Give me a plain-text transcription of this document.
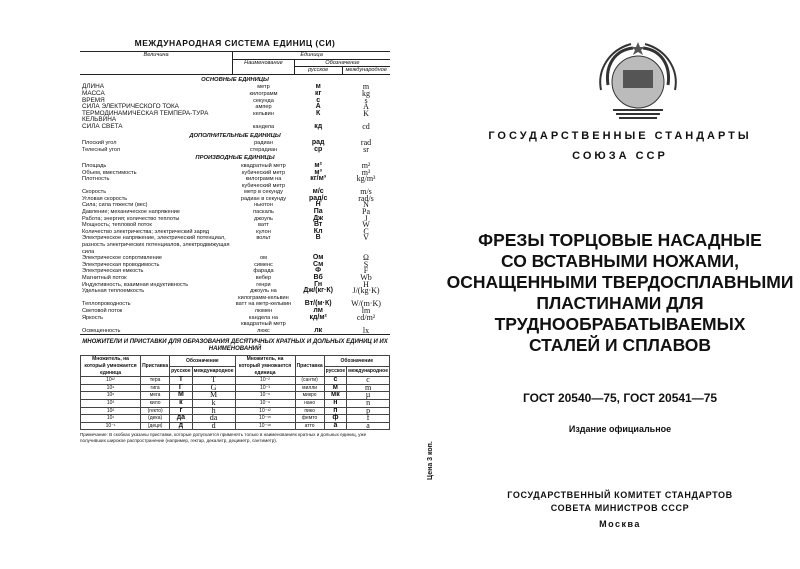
МЕЖДУНАРОДНАЯ СИСТЕМА ЕДИНИЦ (СИ)
Величина	Единица		
	Наименование	Обозначение	
		русское	международное
ОСНОВНЫЕ ЕДИНИЦЫ			
ДЛИНА	метр	м	m
МАССА	килограмм	кг	kg
ВРЕМЯ	секунда	с	s
СИЛА ЭЛЕКТРИЧЕСКОГО ТОКА	ампер	А	A
ТЕРМОДИНАМИЧЕСКАЯ ТЕМПЕРА-ТУРА КЕЛЬВИНА	кельвин	К	K
СИЛА СВЕТА	кандела	кд	cd
ДОПОЛНИТЕЛЬНЫЕ ЕДИНИЦЫ			
Плоский угол	радиан	рад	rad
Телесный угол	стерадиан	ср	sr
ПРОИЗВОДНЫЕ ЕДИНИЦЫ			
Площадь	квадратный метр	м²	m²
Объем, вместимость	кубический метр	м³	m³
Плотность	килограмм на кубический метр	кг/м³	kg/m³
Скорость	метр в секунду	м/с	m/s
Угловая скорость	радиан в секунду	рад/с	rad/s
Сила; сила тяжести (вес)	ньютон	Н	N
Давление; механическое напряжение	паскаль	Па	Pa
Работа; энергия; количество теплоты	джоуль	Дж	J
Мощность; тепловой поток	ватт	Вт	W
Количество электричества; электрический заряд	кулон	Кл	C
Электрическое напряжение, электрический потенциал, разность электрических потенциалов, электродвижущая сила	вольт	В	V
Электрическое сопротивление	ом	Ом	Ω
Электрическая проводимость	сименс	См	S
Электрическая емкость	фарада	Ф	F
Магнитный поток	вебер	Вб	Wb
Индуктивность, взаимная индуктивность	генри	Гн	H
Удельная теплоемкость	джоуль на килограмм-кельвин	Дж/(кг·К)	J/(kg·K)
Теплопроводность	ватт на метр-кельвин	Вт/(м·К)	W/(m·K)
Световой поток	люмен	лм	lm
Яркость	кандела на квадратный метр	кд/м²	cd/m²
Освещенность	люкс	лк	lx
МНОЖИТЕЛИ И ПРИСТАВКИ ДЛЯ ОБРАЗОВАНИЯ ДЕСЯТИЧНЫХ КРАТНЫХ И ДОЛЬНЫХ ЕДИНИЦ И ИХ НАИМЕНОВАНИЙ
Множитель, на который умножается единица	Приставка	Обозначение		Множитель, на который умножается единица	Приставка	Обозначение	
		русское	международное			русское	международное
10¹²	тера	Т	T	10⁻²	(санти)	с	c
10⁹	гига	Г	G	10⁻³	милли	м	m
10⁶	мега	М	M	10⁻⁶	микро	мк	µ
10³	кило	к	k	10⁻⁹	нано	н	n
10²	(гекто)	г	h	10⁻¹²	пико	п	p
10¹	(дека)	да	da	10⁻¹⁵	фемто	ф	f
10⁻¹	(деци)	д	d	10⁻¹⁸	атто	а	a
Примечание: В скобках указаны приставки, которые допускается применять только в наименованиях кратных и дольных единиц, уже получивших широкое распространение (например, гектар, декалитр, дециметр, сантиметр).
Цена 3 коп.
ГОСУДАРСТВЕННЫЕ СТАНДАРТЫ
СОЮЗА ССР
ФРЕЗЫ ТОРЦОВЫЕ НАСАДНЫЕ
СО ВСТАВНЫМИ НОЖАМИ,
ОСНАЩЕННЫМИ ТВЕРДОСПЛАВНЫМИ
ПЛАСТИНАМИ ДЛЯ
ТРУДНООБРАБАТЫВАЕМЫХ
СТАЛЕЙ И СПЛАВОВ
ГОСТ 20540—75, ГОСТ 20541—75
Издание официальное
ГОСУДАРСТВЕННЫЙ КОМИТЕТ СТАНДАРТОВ
СОВЕТА МИНИСТРОВ СССР
Москва
